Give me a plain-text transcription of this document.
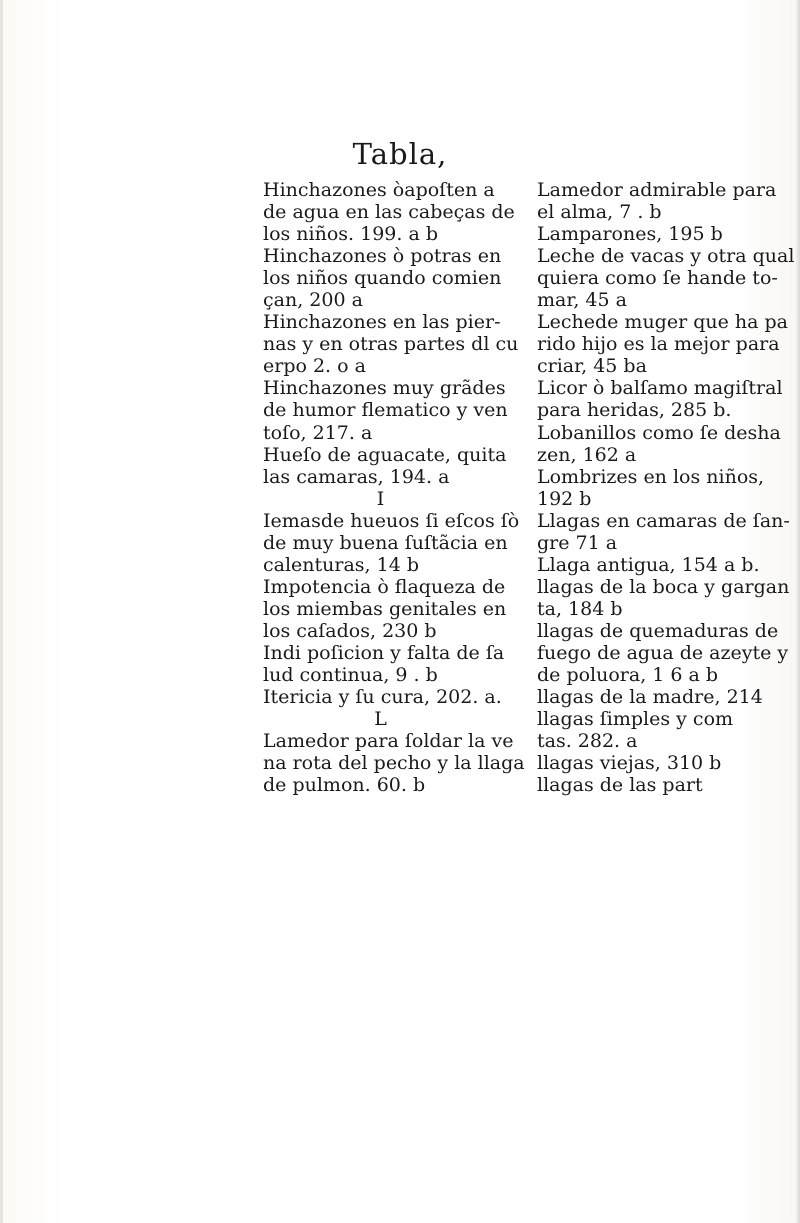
Tabla,
Hinchazones òapoſten a
de agua en las cabeças de
los niños. 199. a b
Hinchazones ò potras en
los niños quando comien
çan, 200 a
Hinchazones en las pier-
nas y en otras partes dl cu
erpo 2. o a
Hinchazones muy grãdes
de humor flematico y ven
toſo, 217. a
Hueſo de aguacate, quita
las camaras, 194. a
I
Iemasde hueuos ſi eſcos ſò
de muy buena ſuſtãcia en
calenturas, 14 b
Impotencia ò flaqueza de
los miembas genitales en
los caſados, 230 b
Indi poſicion y falta de ſa
lud continua, 9 . b
Itericia y ſu cura, 202. a.
L
Lamedor para ſoldar la ve
na rota del pecho y la llaga
de pulmon. 60. b
Lamedor admirable para
el alma, 7 . b
Lamparones, 195 b
Leche de vacas y otra qual
quiera como ſe hande to-
mar, 45 a
Lechede muger que ha pa
rido hijo es la mejor para
criar, 45 ba
Licor ò balſamo magiſtral
para heridas, 285 b.
Lobanillos como ſe desha
zen, 162 a
Lombrizes en los niños,
192 b
Llagas en camaras de ſan-
gre 71 a
Llaga antigua, 154 a b.
llagas de la boca y gargan
ta, 184 b
llagas de quemaduras de
fuego de agua de azeyte y
de poluora, 1 6 a b
llagas de la madre, 214
llagas ſimples y com
tas. 282. a
llagas viejas, 310 b
llagas de las part
